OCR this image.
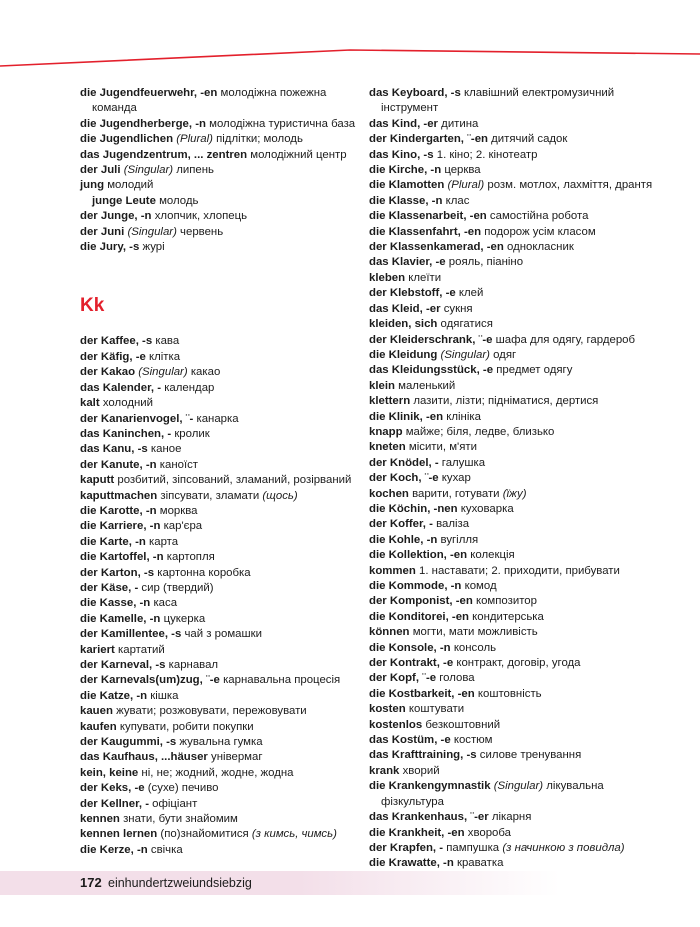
die Jugendfeuerwehr, -en молодіжна пожежна команда
die Jugendherberge, -n молодіжна туристична база
die Jugendlichen (Plural) підлітки; молодь
das Jugendzentrum, ... zentren молодіжний центр
der Juli (Singular) липень
jung молодий
junge Leute молодь
der Junge, -n хлопчик, хлопець
der Juni (Singular) червень
die Jury, -s журі
Kk
der Kaffee, -s кава
der Käfig, -e клітка
der Kakao (Singular) какао
das Kalender, - календар
kalt холодний
der Kanarienvogel, ¨- канарка
das Kaninchen, - кролик
das Kanu, -s каное
der Kanute, -n каноїст
kaputt розбитий, зіпсований, зламаний, розірваний
kaputtmachen зіпсувати, зламати (щось)
die Karotte, -n морква
die Karriere, -n кар'єра
die Karte, -n карта
die Kartoffel, -n картопля
der Karton, -s картонна коробка
der Käse, - сир (твердий)
die Kasse, -n каса
die Kamelle, -n цукерка
der Kamillentee, -s чай з ромашки
kariert картатий
der Karneval, -s карнавал
der Karnevals(um)zug, ¨-e карнавальна процесія
die Katze, -n кішка
kauen жувати; розжовувати, пережовувати
kaufen купувати, робити покупки
der Kaugummi, -s жувальна гумка
das Kaufhaus, ...häuser універмаг
kein, keine ні, не; жодний, жодне, жодна
der Keks, -e (сухе) печиво
der Kellner, - офіціант
kennen знати, бути знайомим
kennen lernen (по)знайомитися (з кимсь, чимсь)
die Kerze, -n свічка
das Keyboard, -s клавішний електромузичний інструмент
das Kind, -er дитина
der Kindergarten, ¨-en дитячий садок
das Kino, -s 1. кіно; 2. кінотеатр
die Kirche, -n церква
die Klamotten (Plural) розм. мотлох, лахміття, дрантя
die Klasse, -n клас
die Klassenarbeit, -en самостійна робота
die Klassenfahrt, -en подорож усім класом
der Klassenkamerad, -en однокласник
das Klavier, -e рояль, піаніно
kleben клеїти
der Klebstoff, -e клей
das Kleid, -er сукня
kleiden, sich одягатися
der Kleiderschrank, ¨-e шафа для одягу, гардероб
die Kleidung (Singular) одяг
das Kleidungsstück, -e предмет одягу
klein маленький
klettern лазити, лізти; підніматися, дертися
die Klinik, -en клініка
knapp майже; біля, ледве, близько
kneten місити, м'яти
der Knödel, - галушка
der Koch, ¨-e кухар
kochen варити, готувати (їжу)
die Köchin, -nen куховарка
der Koffer, - валіза
die Kohle, -n вугілля
die Kollektion, -en колекція
kommen 1. наставати; 2. приходити, прибувати
die Kommode, -n комод
der Komponist, -en композитор
die Konditorei, -en кондитерська
können могти, мати можливість
die Konsole, -n консоль
der Kontrakt, -e контракт, договір, угода
der Kopf, ¨-e голова
die Kostbarkeit, -en коштовність
kosten коштувати
kostenlos безкоштовний
das Kostüm, -e костюм
das Krafttraining, -s силове тренування
krank хворий
die Krankengymnastik (Singular) лікувальна фізкультура
das Krankenhaus, ¨-er лікарня
die Krankheit, -en хвороба
der Krapfen, - пампушка (з начинкою з повидла)
die Krawatte, -n краватка
172 einhundertzweiundsiebzig
